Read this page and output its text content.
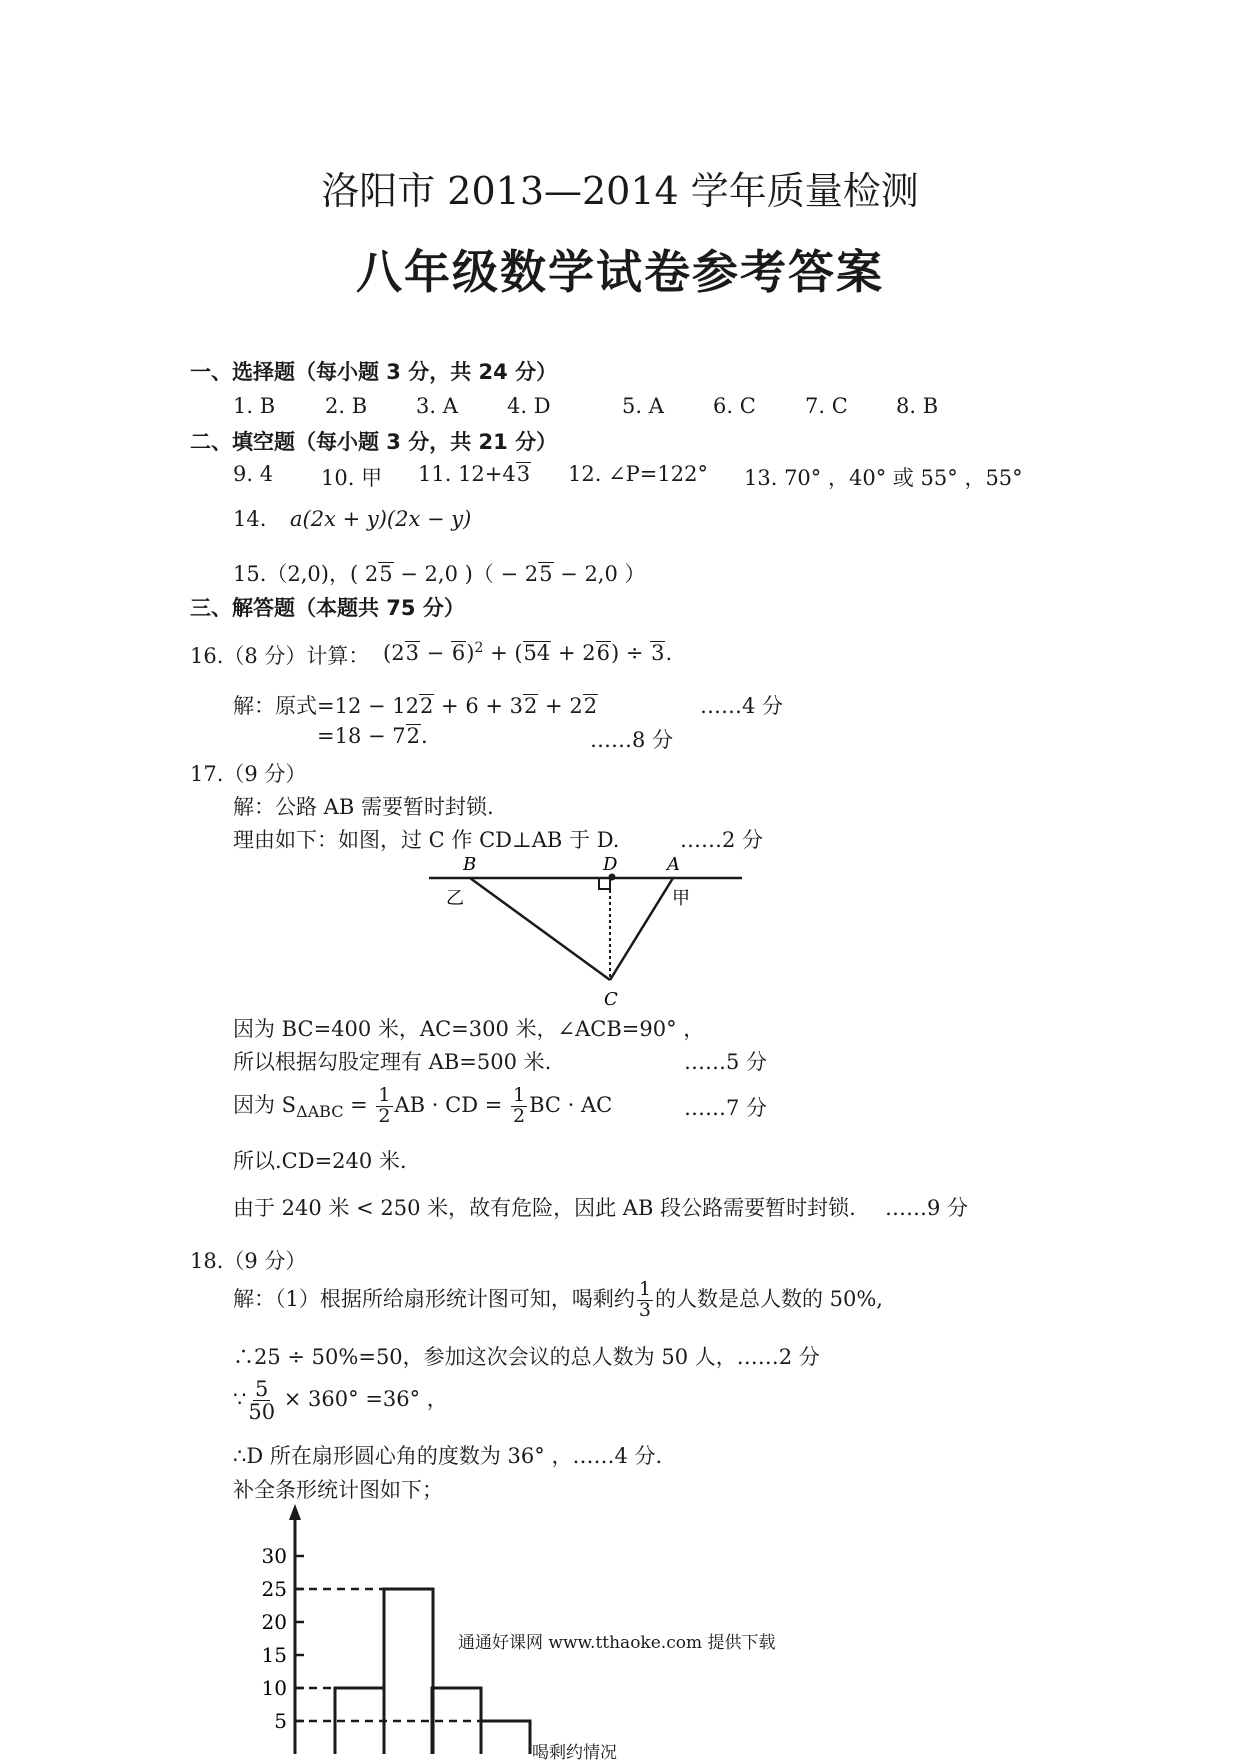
洛阳市 2013—2014 学年质量检测
八年级数学试卷参考答案
一、选择题（每小题 3 分，共 24 分）
1. B 2. B 3. A 4. D	5. A 6. C 7. C 8. B
二、填空题（每小题 3 分，共 21 分）
9. 4 10. 甲 11. 12+43 12. ∠P=122° 13. 70° ，40° 或 55° ，55°
14. a(2x + y)(2x − y)
15.（2,0)，( 25 − 2,0 )（ − 25 − 2,0 ）
三、解答题（本题共 75 分）
16.（8 分）计算： $(23 - 6)^2 + (54 + 26) \div 3$.
解：原式=12 − 122 + 6 + 32 + 22	……4 分
=18 − 72.	……8 分
17.（9 分）
解：公路 AB 需要暂时封锁.
理由如下：如图，过 C 作 CD⊥AB 于 D.	……2 分
B	D	A
C
乙	甲
因为 BC=400 米，AC=300 米，∠ACB=90° ，
所以根据勾股定理有 AB=500 米.	……5 分
因为 $S_{\Delta ABC} = \frac{1}{2}$ AB · CD = $\frac{1}{2}$ BC · AC	……7 分
所以.CD=240 米.
由于 240 米 < 250 米，故有危险，因此 AB 段公路需要暂时封锁. ……9 分
18.（9 分）
解：（1）根据所给扇形统计图可知，喝剩约 $\frac{1}{3}$ 的人数是总人数的 50%,
∴25 ÷ 50%=50，参加这次会议的总人数为 50 人，……2 分
∵ $\frac{5}{50} \times 360^\circ =36^\circ$ ，
∴D 所在扇形圆心角的度数为 36° ，……4 分.
补全条形统计图如下；
5
10
15
20
25
30
通通好课网 www.tthaoke.com 提供下载
喝剩约情况
